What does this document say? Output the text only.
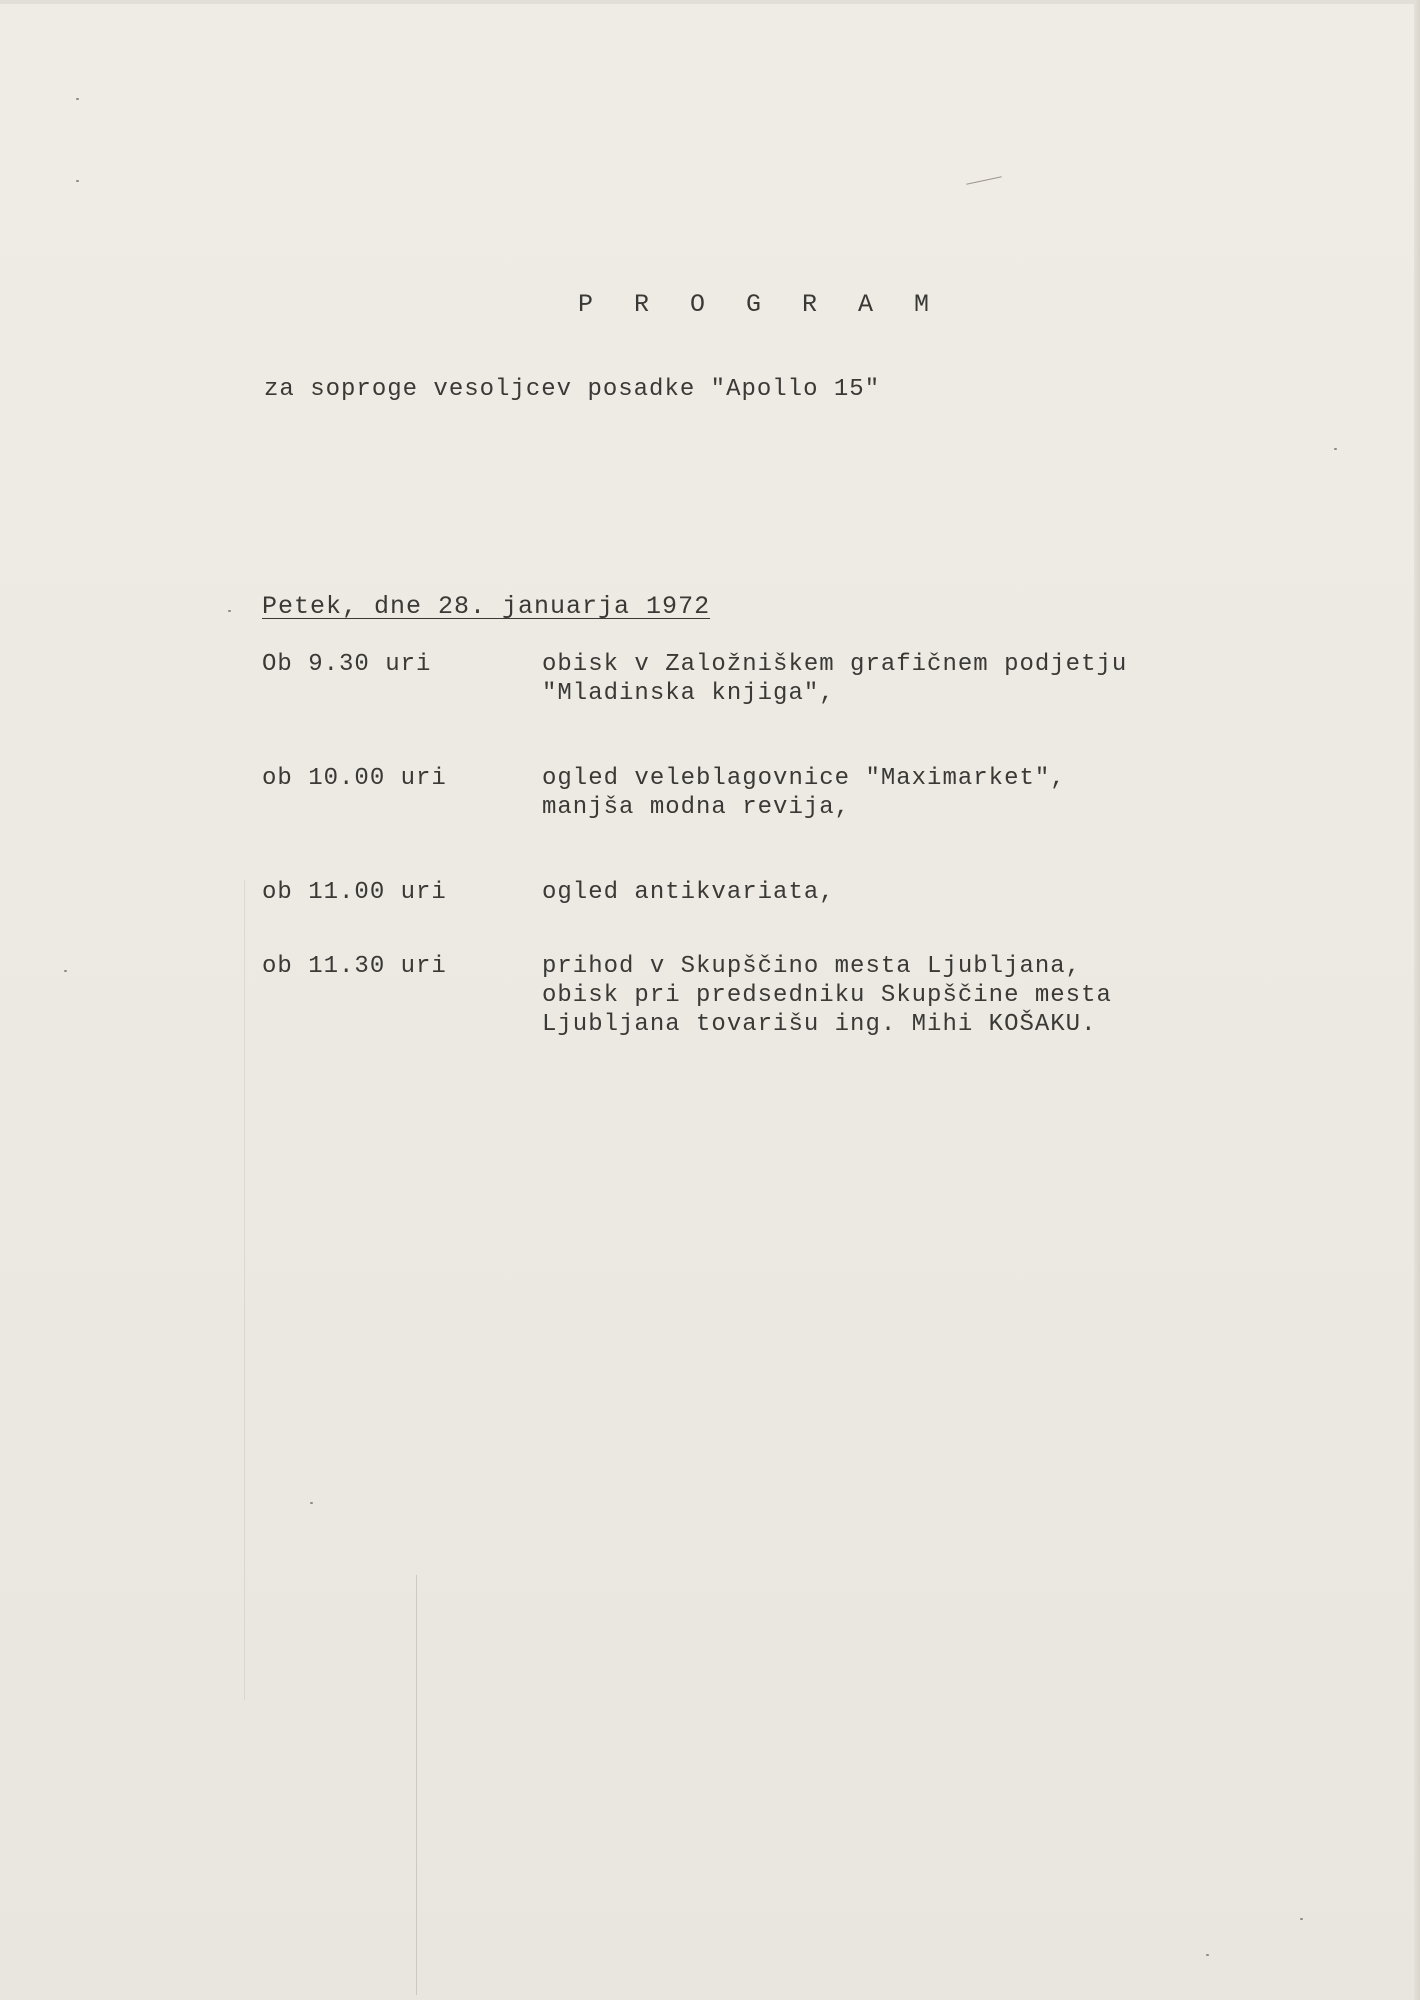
P R O G R A M
za soproge vesoljcev posadke "Apollo 15"
Petek, dne 28. januarja 1972
Ob 9.30 uri	obisk v Založniškem grafičnem podjetju
"Mladinska knjiga",
ob 10.00 uri	ogled veleblagovnice "Maximarket",
manjša modna revija,
ob 11.00 uri	ogled antikvariata,
ob 11.30 uri	prihod v Skupščino mesta Ljubljana,
obisk pri predsedniku Skupščine mesta
Ljubljana tovarišu ing. Mihi KOŠAKU.
